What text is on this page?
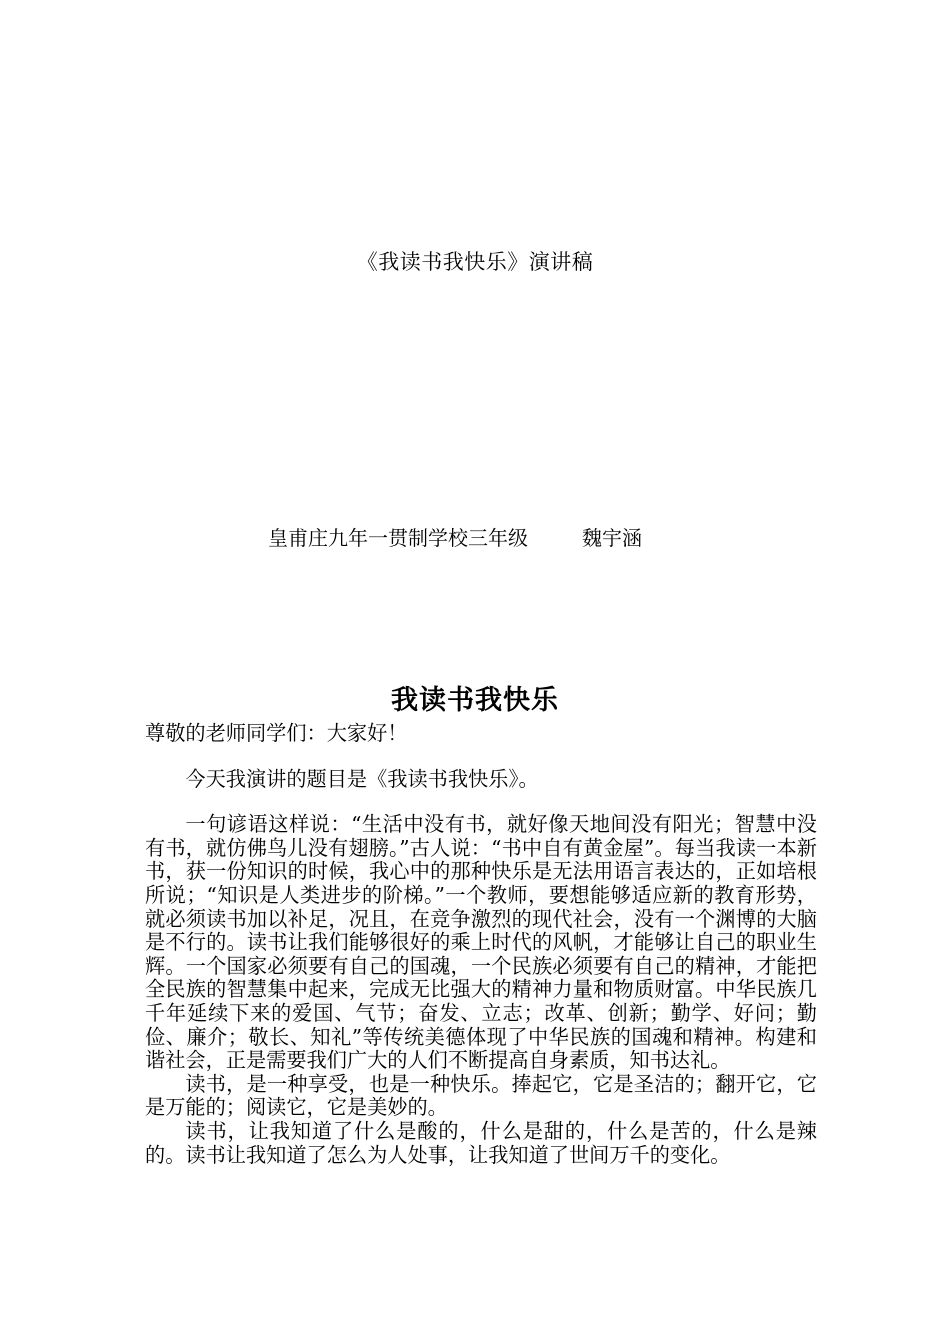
《我读书我快乐》演讲稿
皇甫庄九年一贯制学校三年级	魏宇涵
我读书我快乐

尊敬的老师同学们：大家好！

今天我演讲的题目是《我读书我快乐》。

一句谚语这样说：“生活中没有书，就好像天地间没有阳光；智慧中没有书，就仿佛鸟儿没有翅膀。”古人说：“书中自有黄金屋”。每当我读一本新书，获一份知识的时候，我心中的那种快乐是无法用语言表达的，正如培根所说；“知识是人类进步的阶梯。”一个教师，要想能够适应新的教育形势，就必须读书加以补足，况且，在竞争激烈的现代社会，没有一个渊博的大脑是不行的。读书让我们能够很好的乘上时代的风帆，才能够让自己的职业生辉。一个国家必须要有自己的国魂，一个民族必须要有自己的精神，才能把全民族的智慧集中起来，完成无比强大的精神力量和物质财富。中华民族几千年延续下来的爱国、气节；奋发、立志；改革、创新；勤学、好问；勤俭、廉介；敬长、知礼”等传统美德体现了中华民族的国魂和精神。构建和谐社会，正是需要我们广大的人们不断提高自身素质，知书达礼。

读书，是一种享受，也是一种快乐。捧起它，它是圣洁的；翻开它，它是万能的；阅读它，它是美妙的。

读书，让我知道了什么是酸的，什么是甜的，什么是苦的，什么是辣的。读书让我知道了怎么为人处事，让我知道了世间万千的变化。
